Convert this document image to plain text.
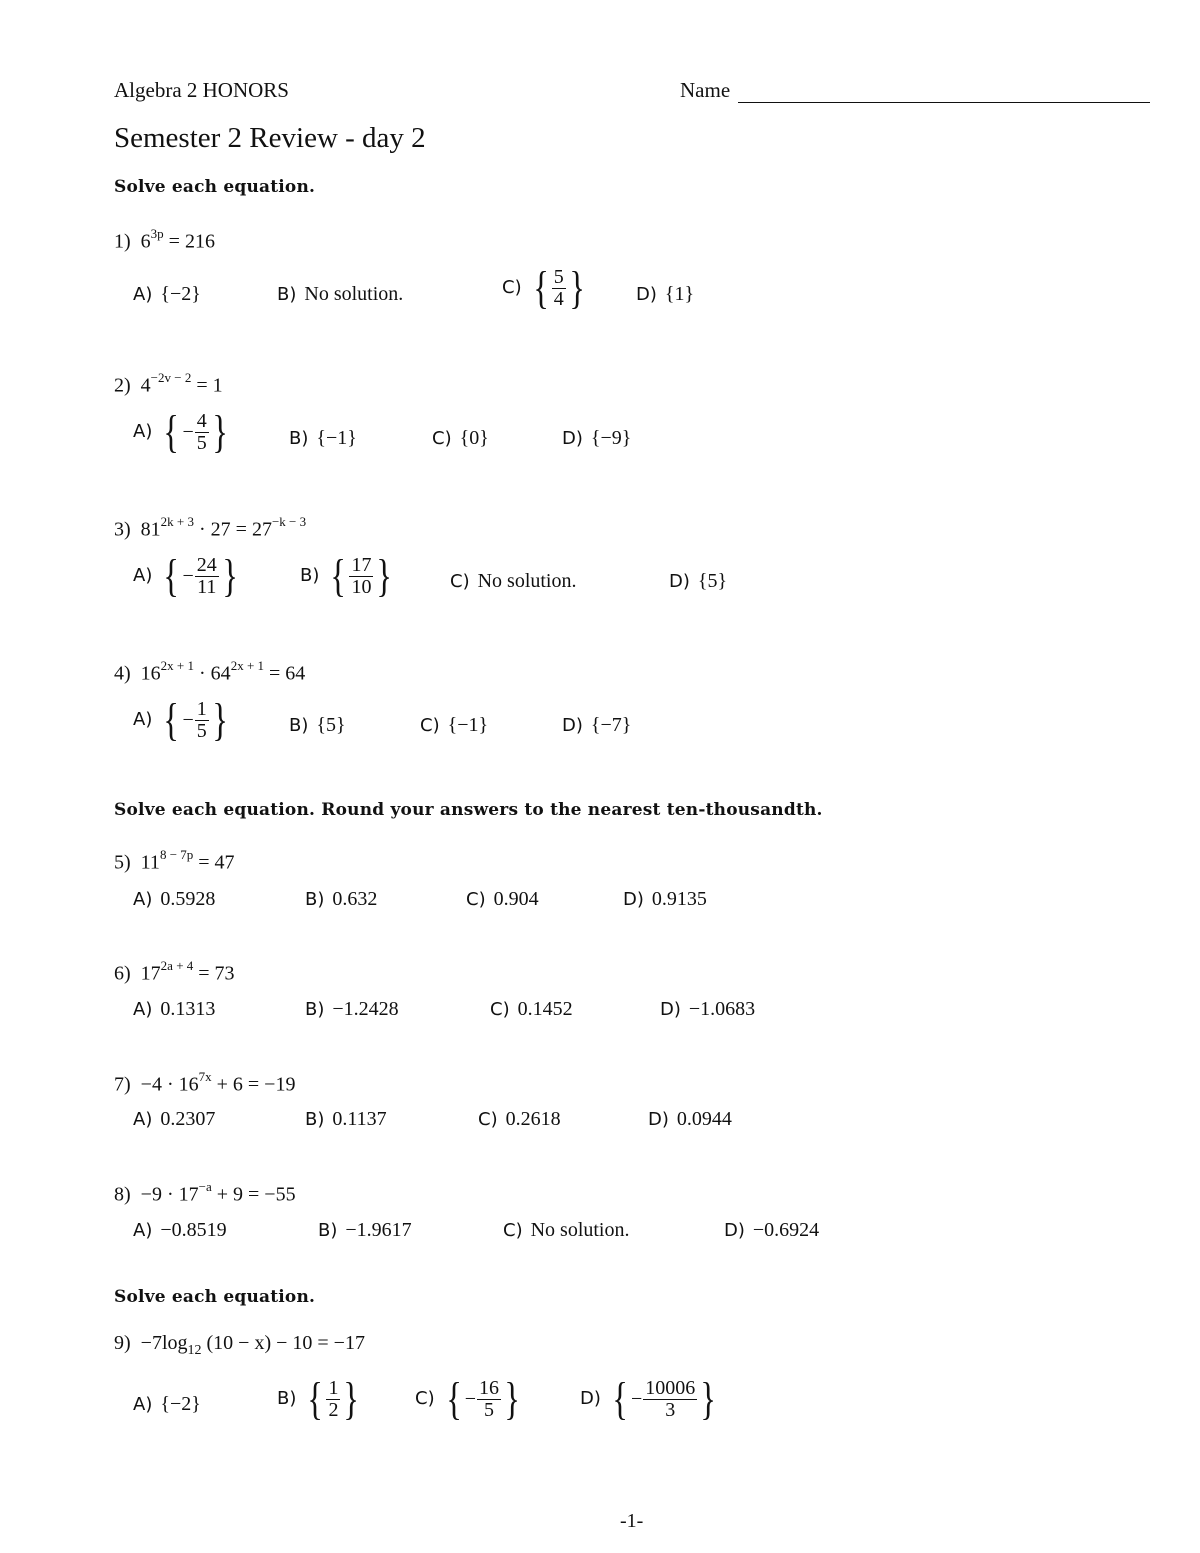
Algebra 2 HONORS	Name
Semester 2 Review - day 2
Solve each equation.
1) $6^{3p} = 216$
A) {−2}	B) No solution.	C) { $\frac{5}{4}$ }	D) {1}
2) $4^{-2v - 2} = 1$
A) { − $\frac{4}{5}$ }	B) {−1}	C) {0}	D) {−9}
3) $81^{2k + 3} \cdot 27 = 27^{-k - 3}$
A) { − $\frac{24}{11}$ }	B) { $\frac{17}{10}$ }	C) No solution.	D) {5}
4) $16^{2x + 1} \cdot 64^{2x + 1} = 64$
A) { − $\frac{1}{5}$ }	B) {5}	C) {−1}	D) {−7}
Solve each equation. Round your answers to the nearest ten-thousandth.
5) $11^{8 - 7p} = 47$
A) 0.5928	B) 0.632	C) 0.904	D) 0.9135
6) $17^{2a + 4} = 73$
A) 0.1313	B) −1.2428	C) 0.1452	D) −1.0683
$7) -4 \cdot 16^{7x} + 6 = -19$
A) 0.2307	B) 0.1137	C) 0.2618	D) 0.0944
$8) -9 \cdot 17^{-a} + 9 = -55$
A) −0.8519	B) −1.9617	C) No solution.	D) −0.6924
Solve each equation.
$9) -7\log_{12}$ (10 − x) − 10 = −17
A) {−2}	B) { $\frac{1}{2}$ }	C) { − $\frac{16}{5}$ }	D) { − $\frac{10006}{3}$ }
-1-
